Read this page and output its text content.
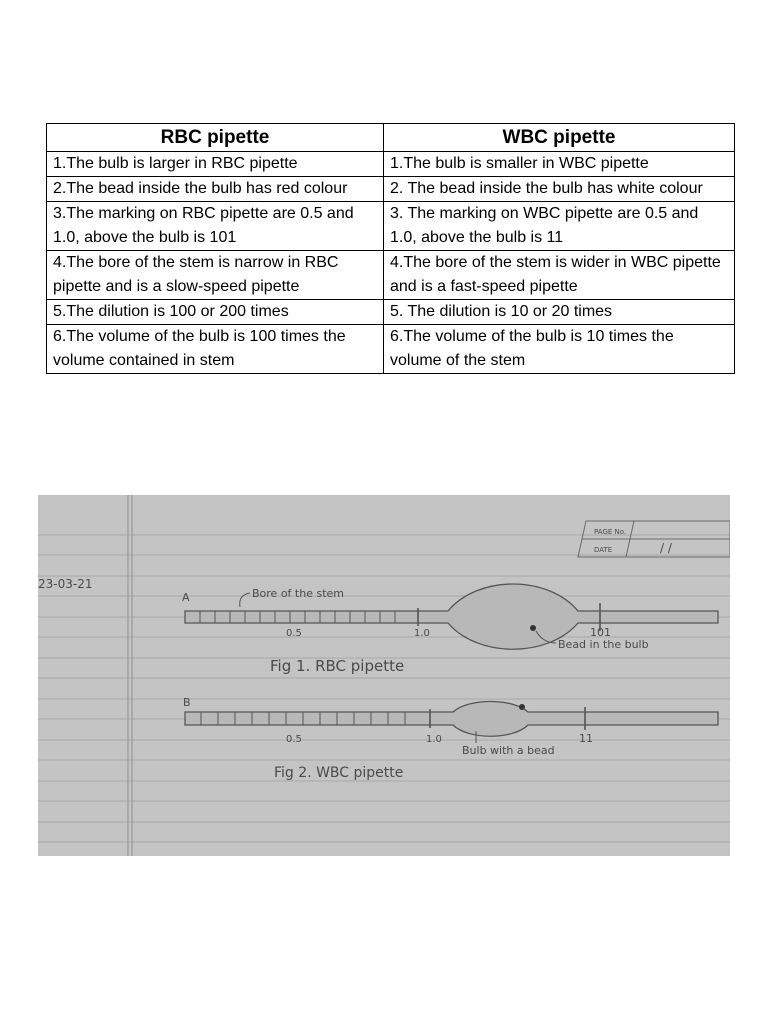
RBC pipette	WBC pipette
1.The bulb is larger in RBC pipette	1.The bulb is smaller in WBC pipette
2.The bead inside the bulb has red colour	2. The bead inside the bulb has white colour
3.The marking on RBC pipette are 0.5 and 1.0, above the bulb is 101	3. The marking on WBC pipette are 0.5 and 1.0, above the bulb is 11
4.The bore of the stem is narrow in RBC pipette and is a slow-speed pipette	4.The bore of the stem is wider in WBC pipette and is a fast-speed pipette
5.The dilution is 100 or 200 times	5. The dilution is 10 or 20 times
6.The volume of the bulb is 100 times the volume contained in stem	6.The volume of the bulb is 10 times the volume of the stem
PAGE No.
DATE	/ /
23-03-21
A	Bore of the stem
0.5	1.0	101
Bead in the bulb
Fig 1. RBC pipette
B
Bulb with a bead
0.5	1.0	11
Fig 2. WBC pipette
